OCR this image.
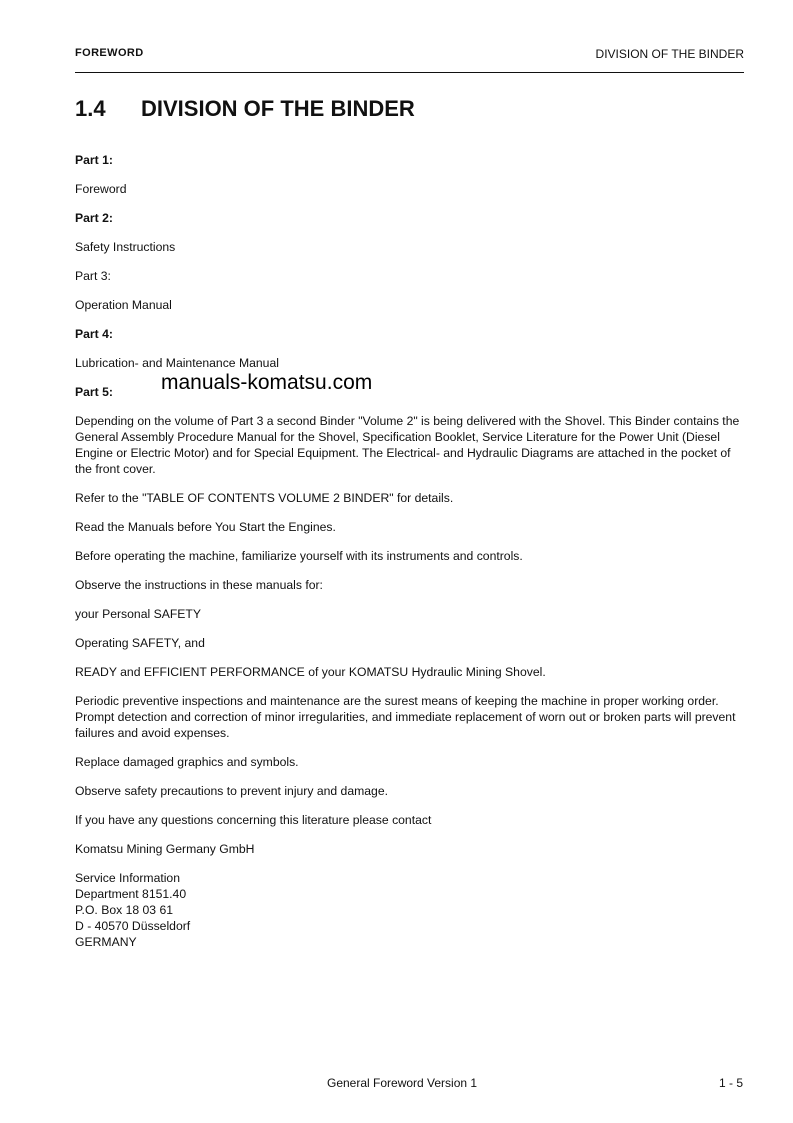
FOREWORD	DIVISION OF THE BINDER
1.4 DIVISION OF THE BINDER

Part 1:

Foreword

Part 2:

Safety Instructions

Part 3:

Operation Manual

Part 4:

Lubrication- and Maintenance Manual

Part 5:

Depending on the volume of Part 3 a second Binder "Volume 2" is being delivered with the Shovel. This Binder contains the General Assembly Procedure Manual for the Shovel, Specification Booklet, Service Literature for the Power Unit (Diesel Engine or Electric Motor) and for Special Equipment. The Electrical- and Hydraulic Diagrams are attached in the pocket of the front cover.

Refer to the "TABLE OF CONTENTS VOLUME 2 BINDER" for details.

Read the Manuals before You Start the Engines.

Before operating the machine, familiarize yourself with its instruments and controls.

Observe the instructions in these manuals for:

your Personal SAFETY

Operating SAFETY, and

READY and EFFICIENT PERFORMANCE of your KOMATSU Hydraulic Mining Shovel.

Periodic preventive inspections and maintenance are the surest means of keeping the machine in proper working order. Prompt detection and correction of minor irregularities, and immediate replacement of worn out or broken parts will prevent failures and avoid expenses.

Replace damaged graphics and symbols.

Observe safety precautions to prevent injury and damage.

If you have any questions concerning this literature please contact

Komatsu Mining Germany GmbH

Service Information
Department 8151.40
P.O. Box 18 03 61
D - 40570 Düsseldorf
GERMANY

manuals-komatsu.com
General Foreword Version 1	1 - 5
